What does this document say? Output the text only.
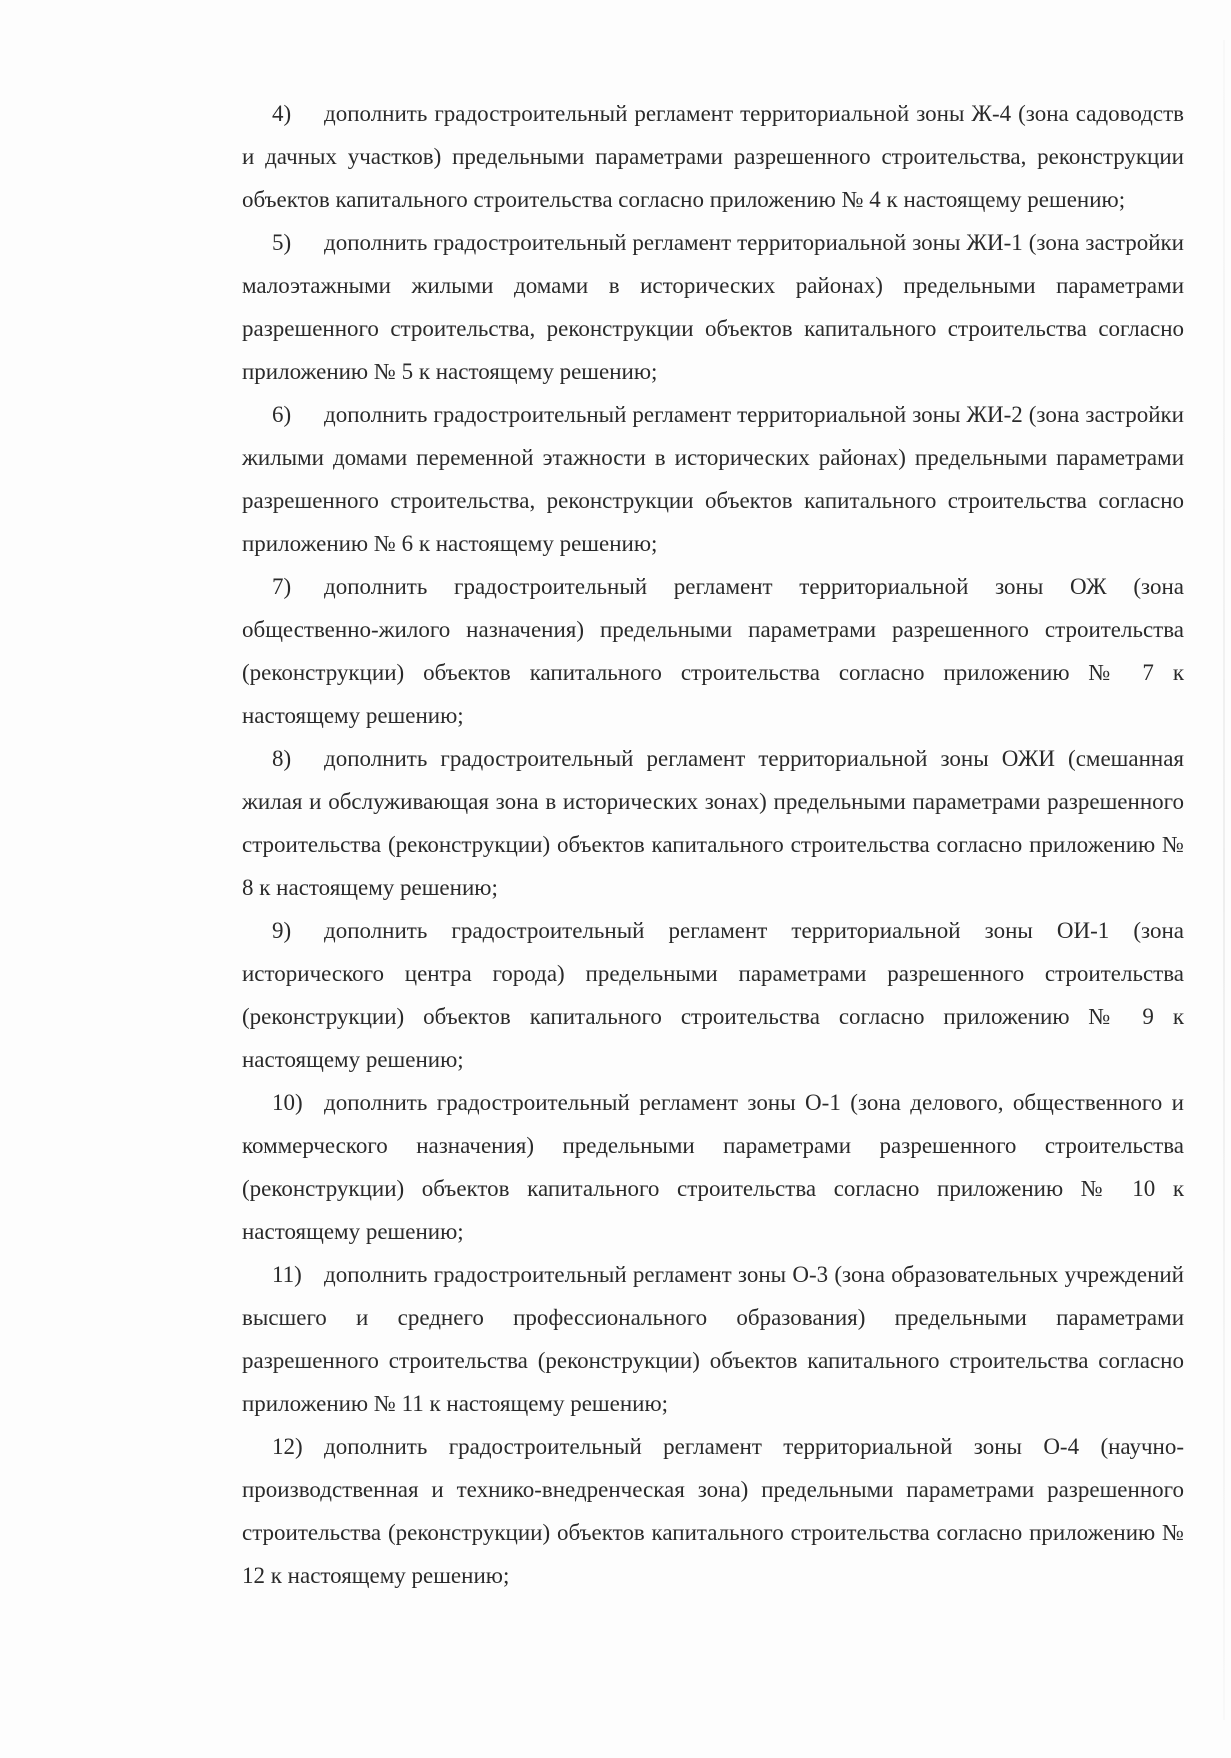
4) дополнить градостроительный регламент территориальной зоны Ж-4 (зона садоводств и дачных участков) предельными параметрами разрешенного строительства, реконструкции объектов капитального строительства согласно приложению № 4 к настоящему решению;

5) дополнить градостроительный регламент территориальной зоны ЖИ-1 (зона застройки малоэтажными жилыми домами в исторических районах) предельными параметрами разрешенного строительства, реконструкции объектов капитального строительства согласно приложению № 5 к настоящему решению;

6) дополнить градостроительный регламент территориальной зоны ЖИ-2 (зона застройки жилыми домами переменной этажности в исторических районах) предельными параметрами разрешенного строительства, реконструкции объектов капитального строительства согласно приложению № 6 к настоящему решению;

7) дополнить градостроительный регламент территориальной зоны ОЖ (зона общественно-жилого назначения) предельными параметрами разрешенного строительства (реконструкции) объектов капитального строительства согласно приложению № 7 к настоящему решению;

8) дополнить градостроительный регламент территориальной зоны ОЖИ (смешанная жилая и обслуживающая зона в исторических зонах) предельными параметрами разрешенного строительства (реконструкции) объектов капитального строительства согласно приложению № 8 к настоящему решению;

9) дополнить градостроительный регламент территориальной зоны ОИ-1 (зона исторического центра города) предельными параметрами разрешенного строительства (реконструкции) объектов капитального строительства согласно приложению № 9 к настоящему решению;

10) дополнить градостроительный регламент зоны О-1 (зона делового, общественного и коммерческого назначения) предельными параметрами разрешенного строительства (реконструкции) объектов капитального строительства согласно приложению № 10 к настоящему решению;

11) дополнить градостроительный регламент зоны О-3 (зона образовательных учреждений высшего и среднего профессионального образования) предельными параметрами разрешенного строительства (реконструкции) объектов капитального строительства согласно приложению № 11 к настоящему решению;

12) дополнить градостроительный регламент территориальной зоны О-4 (научно-производственная и технико-внедренческая зона) предельными параметрами разрешенного строительства (реконструкции) объектов капитального строительства согласно приложению № 12 к настоящему решению;
